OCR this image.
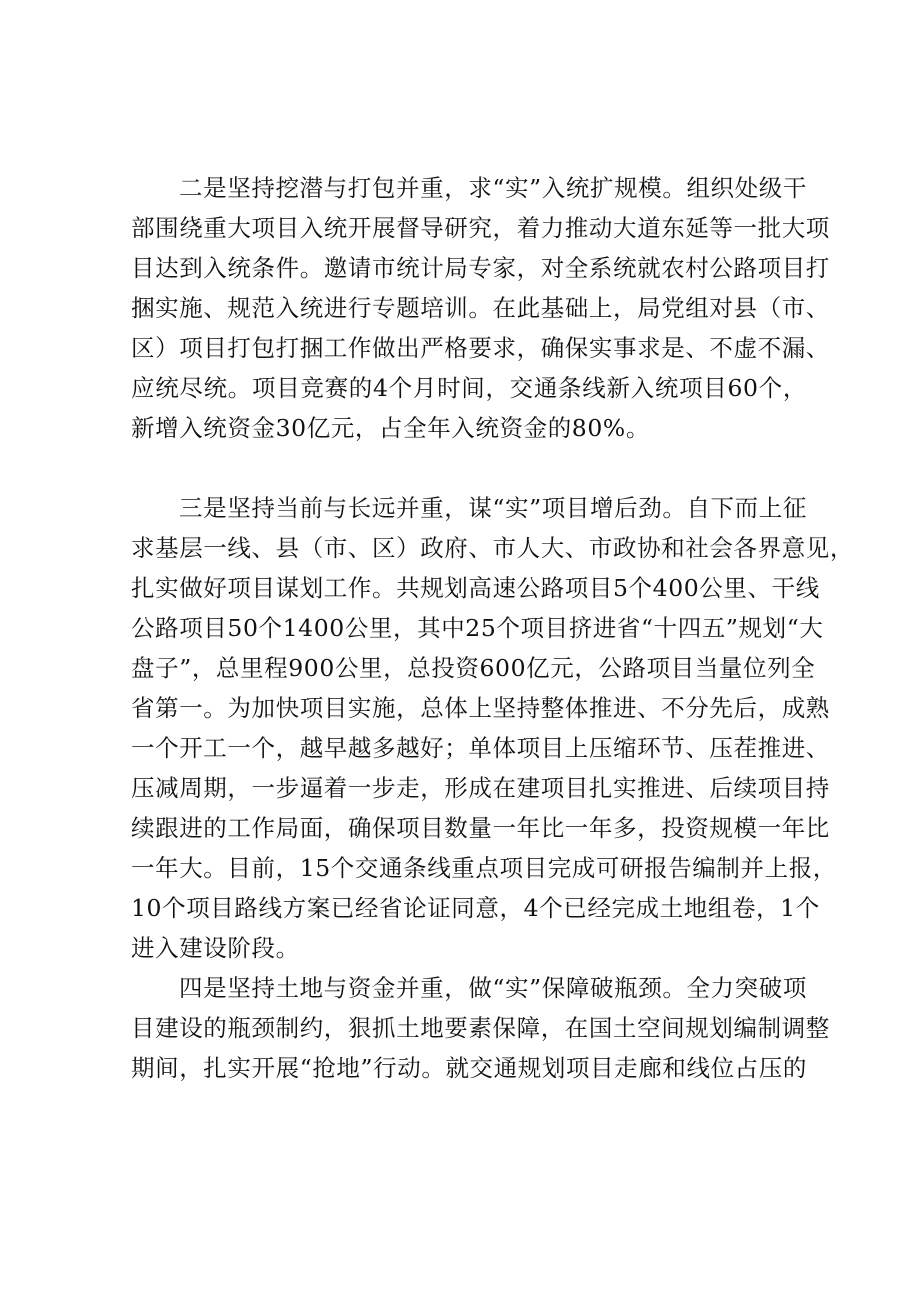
二是坚持挖潜与打包并重，求“实”入统扩规模。组织处级干
部围绕重大项目入统开展督导研究，着力推动大道东延等一批大项
目达到入统条件。邀请市统计局专家，对全系统就农村公路项目打
捆实施、规范入统进行专题培训。在此基础上，局党组对县（市、
区）项目打包打捆工作做出严格要求，确保实事求是、不虚不漏、
应统尽统。项目竞赛的4个月时间，交通条线新入统项目60个，
新增入统资金30亿元，占全年入统资金的80%。
三是坚持当前与长远并重，谋“实”项目增后劲。自下而上征
求基层一线、县（市、区）政府、市人大、市政协和社会各界意见，
扎实做好项目谋划工作。共规划高速公路项目5个400公里、干线
公路项目50个1400公里，其中25个项目挤进省“十四五”规划“大
盘子”，总里程900公里，总投资600亿元，公路项目当量位列全
省第一。为加快项目实施，总体上坚持整体推进、不分先后，成熟
一个开工一个，越早越多越好；单体项目上压缩环节、压茬推进、
压减周期，一步逼着一步走，形成在建项目扎实推进、后续项目持
续跟进的工作局面，确保项目数量一年比一年多，投资规模一年比
一年大。目前，15个交通条线重点项目完成可研报告编制并上报，
10个项目路线方案已经省论证同意，4个已经完成土地组卷，1个
进入建设阶段。
四是坚持土地与资金并重，做“实”保障破瓶颈。全力突破项
目建设的瓶颈制约，狠抓土地要素保障，在国土空间规划编制调整
期间，扎实开展“抢地”行动。就交通规划项目走廊和线位占压的
